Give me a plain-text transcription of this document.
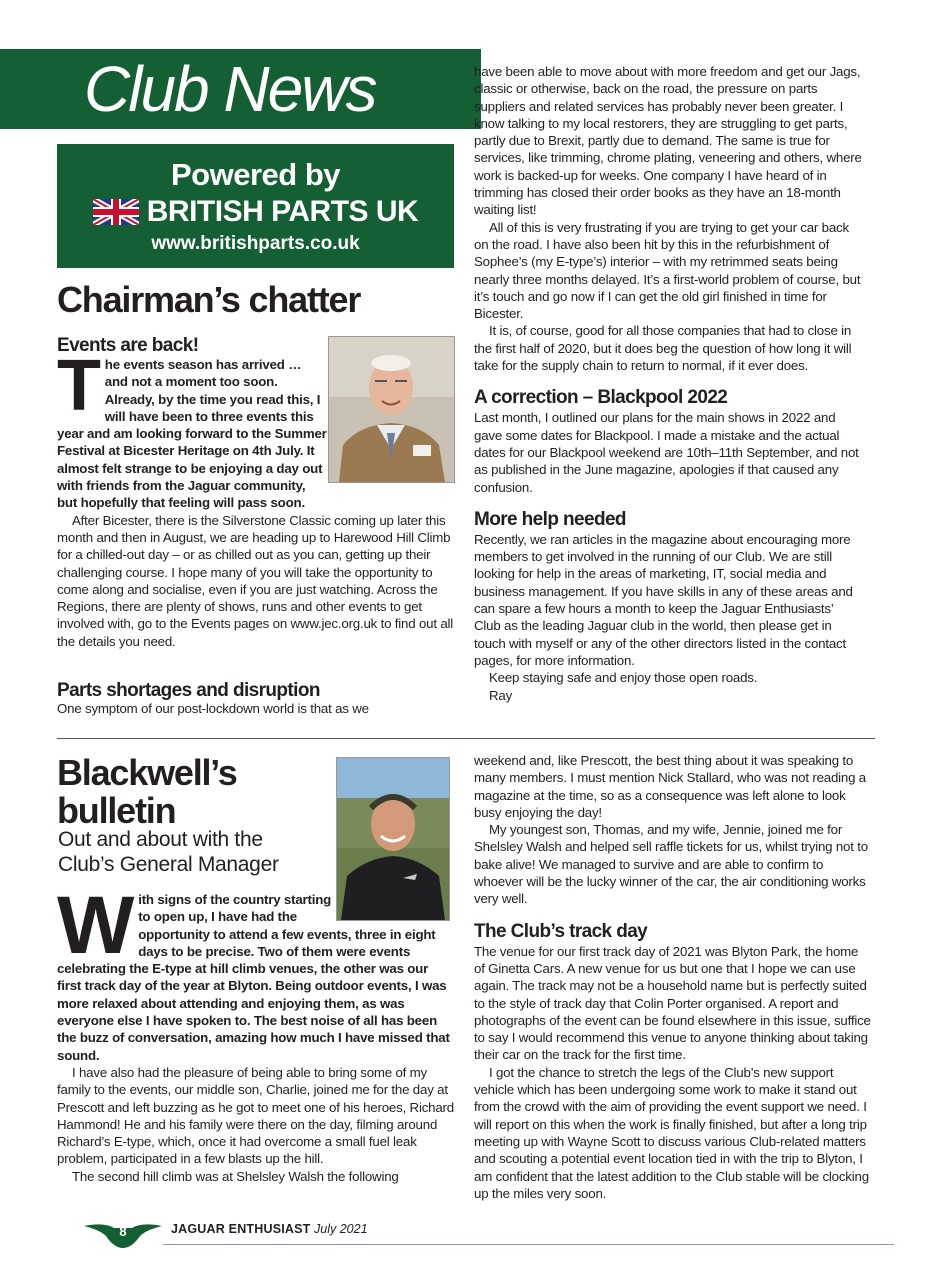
Club News
Powered by
BRITISH PARTS UK
www.britishparts.co.uk
Chairman’s chatter
Events are back!
The events season has arrived … and not a moment too soon. Already, by the time you read this, I will have been to three events this year and am looking forward to the Summer Festival at Bicester Heritage on 4th July. It almost felt strange to be enjoying a day out with friends from the Jaguar community, but hopefully that feeling will pass soon.

After Bicester, there is the Silverstone Classic coming up later this month and then in August, we are heading up to Harewood Hill Climb for a chilled-out day – or as chilled out as you can, getting up their challenging course. I hope many of you will take the opportunity to come along and socialise, even if you are just watching. Across the Regions, there are plenty of shows, runs and other events to get involved with, go to the Events pages on www.jec.org.uk to find out all the details you need.

Parts shortages and disruption

One symptom of our post-lockdown world is that as we

have been able to move about with more freedom and get our Jags, classic or otherwise, back on the road, the pressure on parts suppliers and related services has probably never been greater. I know talking to my local restorers, they are struggling to get parts, partly due to Brexit, partly due to demand. The same is true for services, like trimming, chrome plating, veneering and others, where work is backed-up for weeks. One company I have heard of in trimming has closed their order books as they have an 18-month waiting list!

All of this is very frustrating if you are trying to get your car back on the road. I have also been hit by this in the refurbishment of Sophee’s (my E-type’s) interior – with my retrimmed seats being nearly three months delayed. It’s a first-world problem of course, but it’s touch and go now if I can get the old girl finished in time for Bicester.

It is, of course, good for all those companies that had to close in the first half of 2020, but it does beg the question of how long it will take for the supply chain to return to normal, if it ever does.

A correction – Blackpool 2022

Last month, I outlined our plans for the main shows in 2022 and gave some dates for Blackpool. I made a mistake and the actual dates for our Blackpool weekend are 10th–11th September, and not as published in the June magazine, apologies if that caused any confusion.

More help needed

Recently, we ran articles in the magazine about encouraging more members to get involved in the running of our Club. We are still looking for help in the areas of marketing, IT, social media and business management. If you have skills in any of these areas and can spare a few hours a month to keep the Jaguar Enthusiasts’ Club as the leading Jaguar club in the world, then please get in touch with myself or any of the other directors listed in the contact pages, for more information.

Keep staying safe and enjoy those open roads.

Ray

Blackwell’s
bulletin
Out and about with the
Club’s General Manager
With signs of the country starting to open up, I have had the opportunity to attend a few events, three in eight days to be precise. Two of them were events celebrating the E-type at hill climb venues, the other was our first track day of the year at Blyton. Being outdoor events, I was more relaxed about attending and enjoying them, as was everyone else I have spoken to. The best noise of all has been the buzz of conversation, amazing how much I have missed that sound.

I have also had the pleasure of being able to bring some of my family to the events, our middle son, Charlie, joined me for the day at Prescott and left buzzing as he got to meet one of his heroes, Richard Hammond! He and his family were there on the day, filming around Richard’s E-type, which, once it had overcome a small fuel leak problem, participated in a few blasts up the hill.

The second hill climb was at Shelsley Walsh the following

weekend and, like Prescott, the best thing about it was speaking to many members. I must mention Nick Stallard, who was not reading a magazine at the time, so as a consequence was left alone to look busy enjoying the day!

My youngest son, Thomas, and my wife, Jennie, joined me for Shelsley Walsh and helped sell raffle tickets for us, whilst trying not to bake alive! We managed to survive and are able to confirm to whoever will be the lucky winner of the car, the air conditioning works very well.

The Club’s track day

The venue for our first track day of 2021 was Blyton Park, the home of Ginetta Cars. A new venue for us but one that I hope we can use again. The track may not be a household name but is perfectly suited to the style of track day that Colin Porter organised. A report and photographs of the event can be found elsewhere in this issue, suffice to say I would recommend this venue to anyone thinking about taking their car on the track for the first time.

I got the chance to stretch the legs of the Club’s new support vehicle which has been undergoing some work to make it stand out from the crowd with the aim of providing the event support we need. I will report on this when the work is finally finished, but after a long trip meeting up with Wayne Scott to discuss various Club-related matters and scouting a potential event location tied in with the trip to Blyton, I am confident that the latest addition to the Club stable will be clocking up the miles very soon.

8	JAGUAR ENTHUSIAST July 2021
